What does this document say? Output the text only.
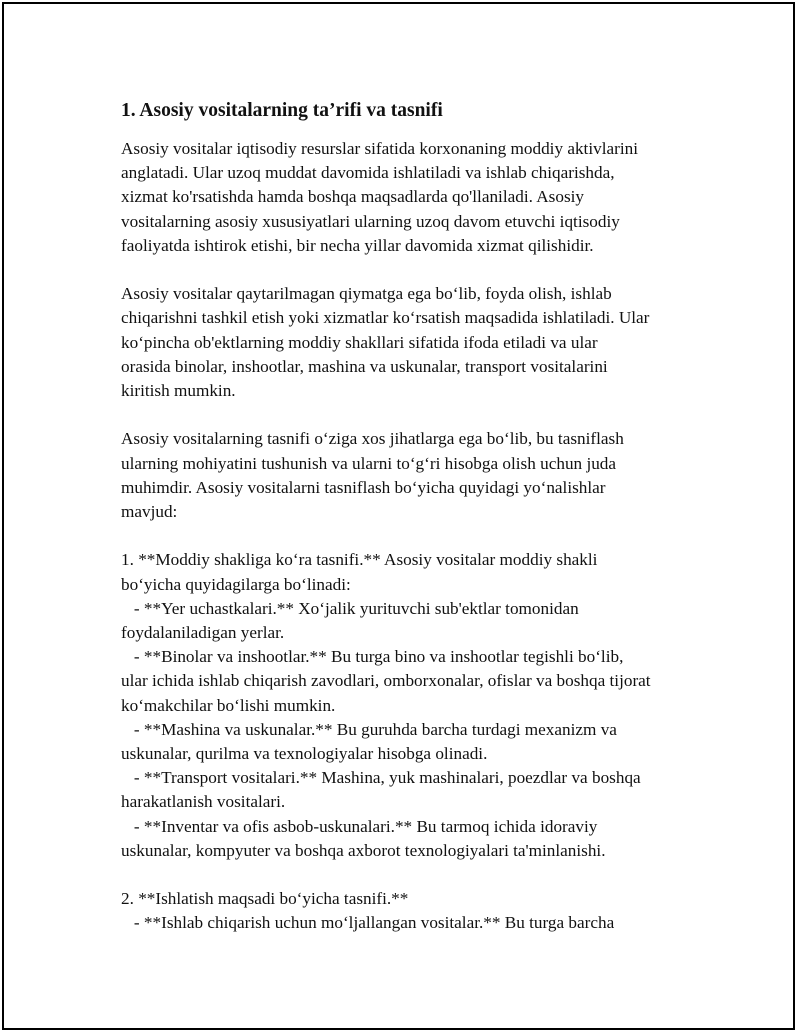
1. Asosiy vositalarning ta’rifi va tasnifi

Asosiy vositalar iqtisodiy resurslar sifatida korxonaning moddiy aktivlarini
anglatadi. Ular uzoq muddat davomida ishlatiladi va ishlab chiqarishda,
xizmat ko'rsatishda hamda boshqa maqsadlarda qo'llaniladi. Asosiy
vositalarning asosiy xususiyatlari ularning uzoq davom etuvchi iqtisodiy
faoliyatda ishtirok etishi, bir necha yillar davomida xizmat qilishidir.

Asosiy vositalar qaytarilmagan qiymatga ega bo‘lib, foyda olish, ishlab
chiqarishni tashkil etish yoki xizmatlar ko‘rsatish maqsadida ishlatiladi. Ular
ko‘pincha ob'ektlarning moddiy shakllari sifatida ifoda etiladi va ular
orasida binolar, inshootlar, mashina va uskunalar, transport vositalarini
kiritish mumkin.

Asosiy vositalarning tasnifi o‘ziga xos jihatlarga ega bo‘lib, bu tasniflash
ularning mohiyatini tushunish va ularni to‘g‘ri hisobga olish uchun juda
muhimdir. Asosiy vositalarni tasniflash bo‘yicha quyidagi yo‘nalishlar
mavjud:

1. **Moddiy shakliga ko‘ra tasnifi.** Asosiy vositalar moddiy shakli
bo‘yicha quyidagilarga bo‘linadi:
- **Yer uchastkalari.** Xo‘jalik yurituvchi sub'ektlar tomonidan
foydalaniladigan yerlar.
- **Binolar va inshootlar.** Bu turga bino va inshootlar tegishli bo‘lib,
ular ichida ishlab chiqarish zavodlari, omborxonalar, ofislar va boshqa tijorat
ko‘makchilar bo‘lishi mumkin.
- **Mashina va uskunalar.** Bu guruhda barcha turdagi mexanizm va
uskunalar, qurilma va texnologiyalar hisobga olinadi.
- **Transport vositalari.** Mashina, yuk mashinalari, poezdlar va boshqa
harakatlanish vositalari.
- **Inventar va ofis asbob-uskunalari.** Bu tarmoq ichida idoraviy
uskunalar, kompyuter va boshqa axborot texnologiyalari ta'minlanishi.

2. **Ishlatish maqsadi bo‘yicha tasnifi.**
- **Ishlab chiqarish uchun mo‘ljallangan vositalar.** Bu turga barcha
